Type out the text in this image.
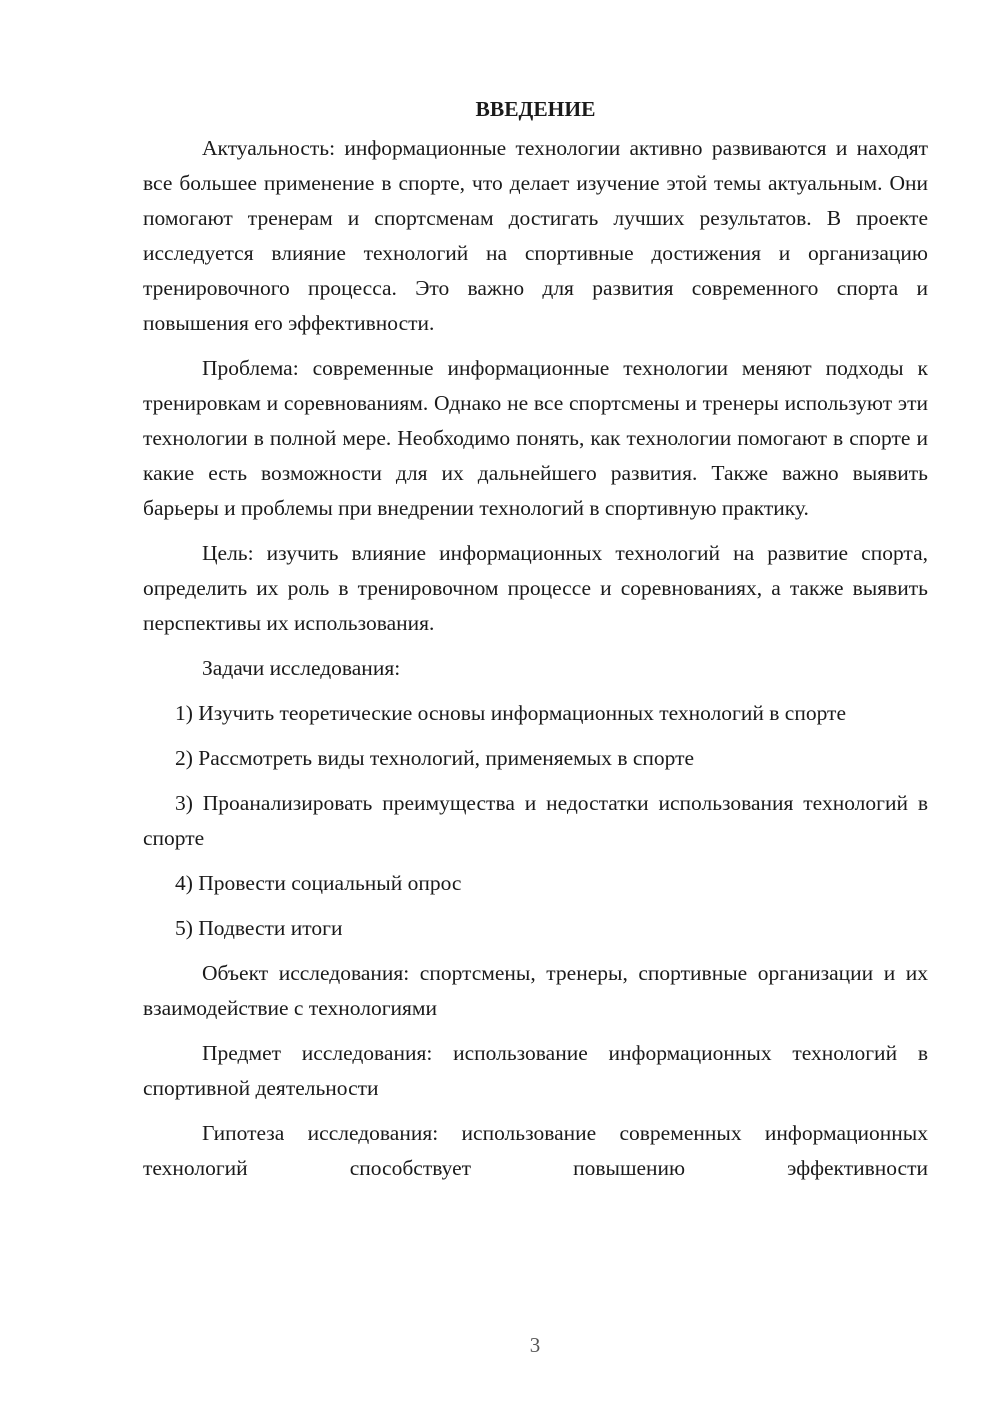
ВВЕДЕНИЕ

Актуальность: информационные технологии активно развиваются и находят все большее применение в спорте, что делает изучение этой темы актуальным. Они помогают тренерам и спортсменам достигать лучших результатов. В проекте исследуется влияние технологий на спортивные достижения и организацию тренировочного процесса. Это важно для развития современного спорта и повышения его эффективности.

Проблема: современные информационные технологии меняют подходы к тренировкам и соревнованиям. Однако не все спортсмены и тренеры используют эти технологии в полной мере. Необходимо понять, как технологии помогают в спорте и какие есть возможности для их дальнейшего развития. Также важно выявить барьеры и проблемы при внедрении технологий в спортивную практику.

Цель: изучить влияние информационных технологий на развитие спорта, определить их роль в тренировочном процессе и соревнованиях, а также выявить перспективы их использования.

Задачи исследования:

1) Изучить теоретические основы информационных технологий в спорте

2) Рассмотреть виды технологий, применяемых в спорте

3) Проанализировать преимущества и недостатки использования технологий в спорте

4) Провести социальный опрос

5) Подвести итоги

Объект исследования: спортсмены, тренеры, спортивные организации и их взаимодействие с технологиями

Предмет исследования: использование информационных технологий в спортивной деятельности

Гипотеза исследования: использование современных информационных технологий способствует повышению эффективности

3
